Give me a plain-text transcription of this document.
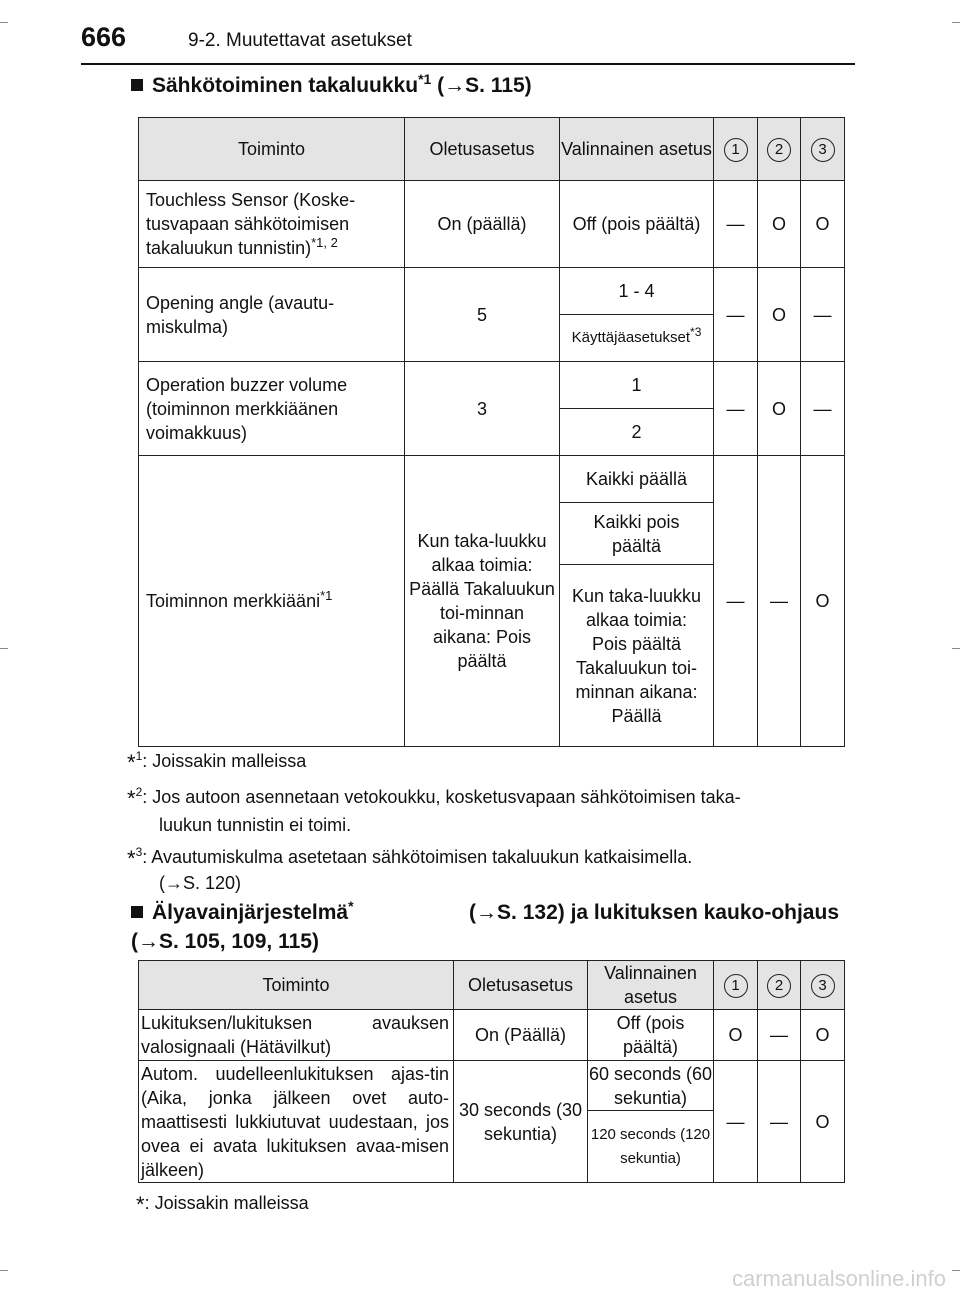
666	9-2. Muutettavat asetukset
Sähkötoiminen takaluukku$^{*1}$ (→S. 115)
Toiminto	Oletusasetus	Valinnainen asetus	1	2	3
Touchless Sensor (Koske-tusvapaan sähkötoimisen takaluukun tunnistin)$^{*1, 2}$	On (päällä)	Off (pois päältä)	—	O	O
Opening angle (avautu-miskulma)	5	1 - 4	—	O	—
		Käyttäjäasetukset$^{*3}$
Operation buzzer volume (toiminnon merkkiäänen voimakkuus)	3	1	—	O	—
		2			
Toiminnon merkkiääni$^{*1}$	Kun taka-luukku alkaa toimia: Päällä Takaluukun toi-minnan aikana: Pois päältä	Kaikki päällä	—	—	O
		Kaikki pois päältä			
		Kun taka-luukku alkaa toimia: Pois päältä Takaluukun toi-minnan aikana: Päällä			
*$^1$: Joissakin malleissa
*$^2$: Jos autoon asennetaan vetokoukku, kosketusvapaan sähkötoimisen taka-
luukun tunnistin ei toimi.
*$^3$: Avautumiskulma asetetaan sähkötoimisen takaluukun katkaisimella.
(→S. 120)
Älyavainjärjestelmä*	(→S. 132) ja lukituksen kauko-ohjaus
(→S. 105, 109, 115)
Toiminto	Oletusasetus	Valinnainen asetus	1	2	3
Lukituksen/lukituksen avauksen valosignaali (Hätävilkut)	On (Päällä)	Off (pois päältä)	O	—	O
Autom. uudelleenlukituksen ajas-tin (Aika, jonka jälkeen ovet auto-maattisesti lukkiutuvat uudestaan, jos ovea ei avata lukituksen avaa-misen jälkeen)	30 seconds (30 sekuntia)	60 seconds (60 sekuntia)	—	—	O
		120 seconds (120 sekuntia)			
*: Joissakin malleissa
carmanualsonline.info
